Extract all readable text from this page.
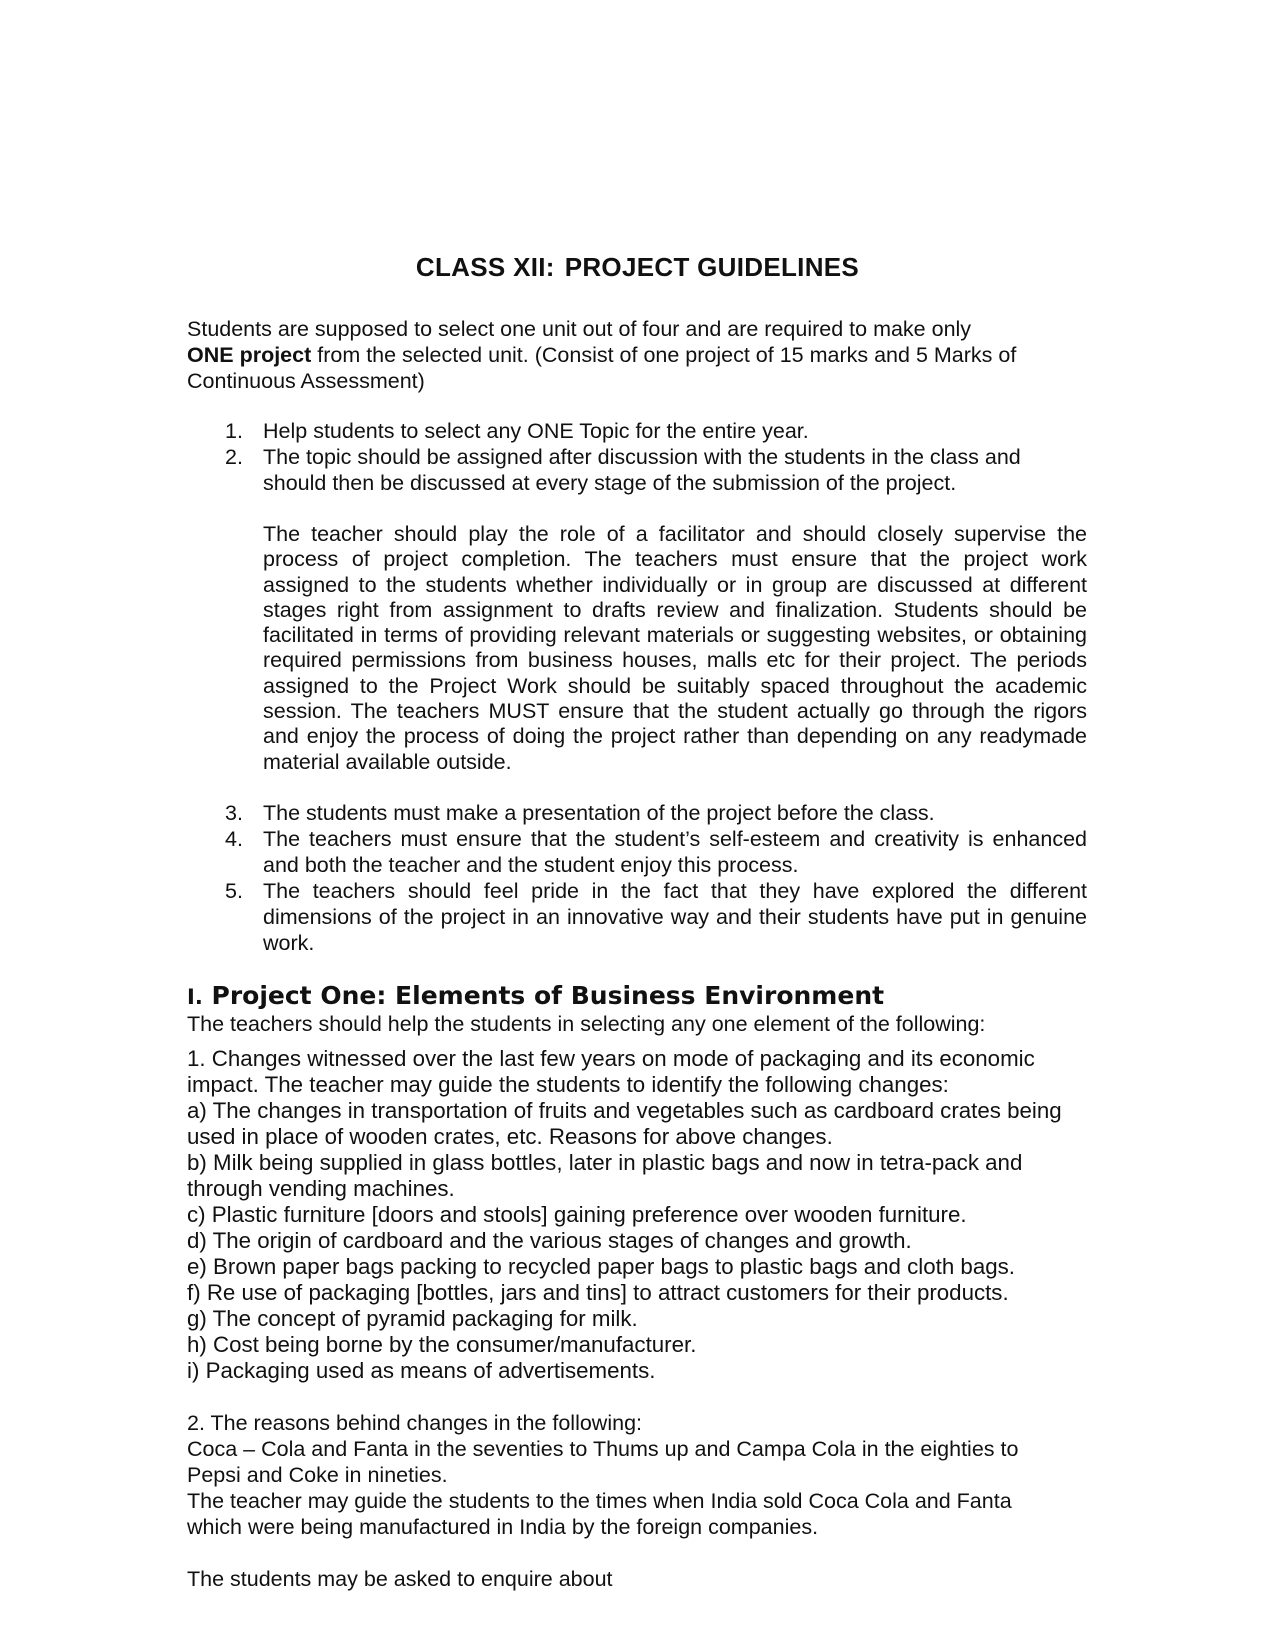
CLASS XII: PROJECT GUIDELINES
Students are supposed to select one unit out of four and are required to make only
ONE project from the selected unit. (Consist of one project of 15 marks and 5 Marks of
Continuous Assessment)
1. Help students to select any ONE Topic for the entire year.
2. The topic should be assigned after discussion with the students in the class and should then be discussed at every stage of the submission of the project.
The teacher should play the role of a facilitator and should closely supervise the process of project completion. The teachers must ensure that the project work assigned to the students whether individually or in group are discussed at different stages right from assignment to drafts review and finalization. Students should be facilitated in terms of providing relevant materials or suggesting websites, or obtaining required permissions from business houses, malls etc for their project. The periods assigned to the Project Work should be suitably spaced throughout the academic session. The teachers MUST ensure that the student actually go through the rigors and enjoy the process of doing the project rather than depending on any readymade material available outside.
3. The students must make a presentation of the project before the class.
4. The teachers must ensure that the student’s self-esteem and creativity is enhanced and both the teacher and the student enjoy this process.
5. The teachers should feel pride in the fact that they have explored the different dimensions of the project in an innovative way and their students have put in genuine work.
I. Project One: Elements of Business Environment
The teachers should help the students in selecting any one element of the following:
1. Changes witnessed over the last few years on mode of packaging and its economic
impact. The teacher may guide the students to identify the following changes:
a) The changes in transportation of fruits and vegetables such as cardboard crates being
used in place of wooden crates, etc. Reasons for above changes.
b) Milk being supplied in glass bottles, later in plastic bags and now in tetra-pack and
through vending machines.
c) Plastic furniture [doors and stools] gaining preference over wooden furniture.
d) The origin of cardboard and the various stages of changes and growth.
e) Brown paper bags packing to recycled paper bags to plastic bags and cloth bags.
f) Re use of packaging [bottles, jars and tins] to attract customers for their products.
g) The concept of pyramid packaging for milk.
h) Cost being borne by the consumer/manufacturer.
i) Packaging used as means of advertisements.
2. The reasons behind changes in the following:
Coca – Cola and Fanta in the seventies to Thums up and Campa Cola in the eighties to
Pepsi and Coke in nineties.
The teacher may guide the students to the times when India sold Coca Cola and Fanta
which were being manufactured in India by the foreign companies.
The students may be asked to enquire about
